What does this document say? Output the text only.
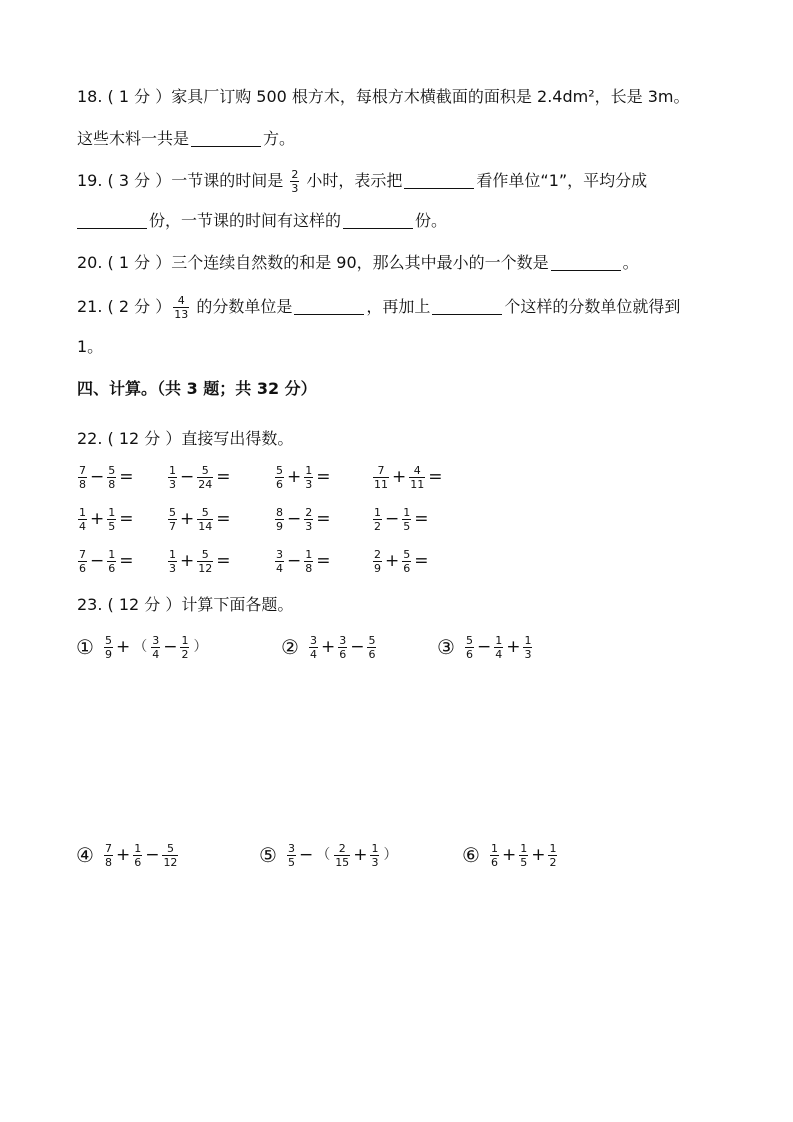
18. ( 1 分 ）家具厂订购 500 根方木，每根方木横截面的面积是 2.4dm²，长是 3m。
这些木料一共是	方。
19. ( 3 分 ）一节课的时间是 $\frac{2}{3}$ 小时，表示把	看作单位“1”，平均分成
份，一节课的时间有这样的	份。
20. ( 1 分 ）三个连续自然数的和是 90，那么其中最小的一个数是	。
21. ( 2 分 ） $\frac{4}{13}$ 的分数单位是	，再加上	个这样的分数单位就得到
1。
四、计算。（共 3 题；共 32 分）
22. ( 12 分 ）直接写出得数。
$\frac{7}{8} - \frac{5}{8}$ =	$\frac{1}{3} - \frac{5}{24}$ =	$\frac{5}{6} + \frac{1}{3}$ =	$\frac{7}{11} + \frac{4}{11}$ =
$\frac{1}{4} + \frac{1}{5}$ =	$\frac{5}{7} + \frac{5}{14}$ =	$\frac{8}{9} - \frac{2}{3}$ =	$\frac{1}{2} - \frac{1}{5}$ =
$\frac{7}{6} - \frac{1}{6}$ =	$\frac{1}{3} + \frac{5}{12}$ =	$\frac{3}{4} - \frac{1}{8}$ =	$\frac{2}{9} + \frac{5}{6}$ =
23. ( 12 分 ）计算下面各题。
① $\frac{5}{9}$ + （ $\frac{3}{4} - \frac{1}{2}$ ）	② $\frac{3}{4} + \frac{3}{6} - \frac{5}{6}$	③ $\frac{5}{6} - \frac{1}{4} + \frac{1}{3}$
④ $\frac{7}{8} + \frac{1}{6} - \frac{5}{12}$	⑤ $\frac{3}{5}$ − （ $\frac{2}{15} + \frac{1}{3}$ ）	⑥ $\frac{1}{6} + \frac{1}{5} + \frac{1}{2}$
